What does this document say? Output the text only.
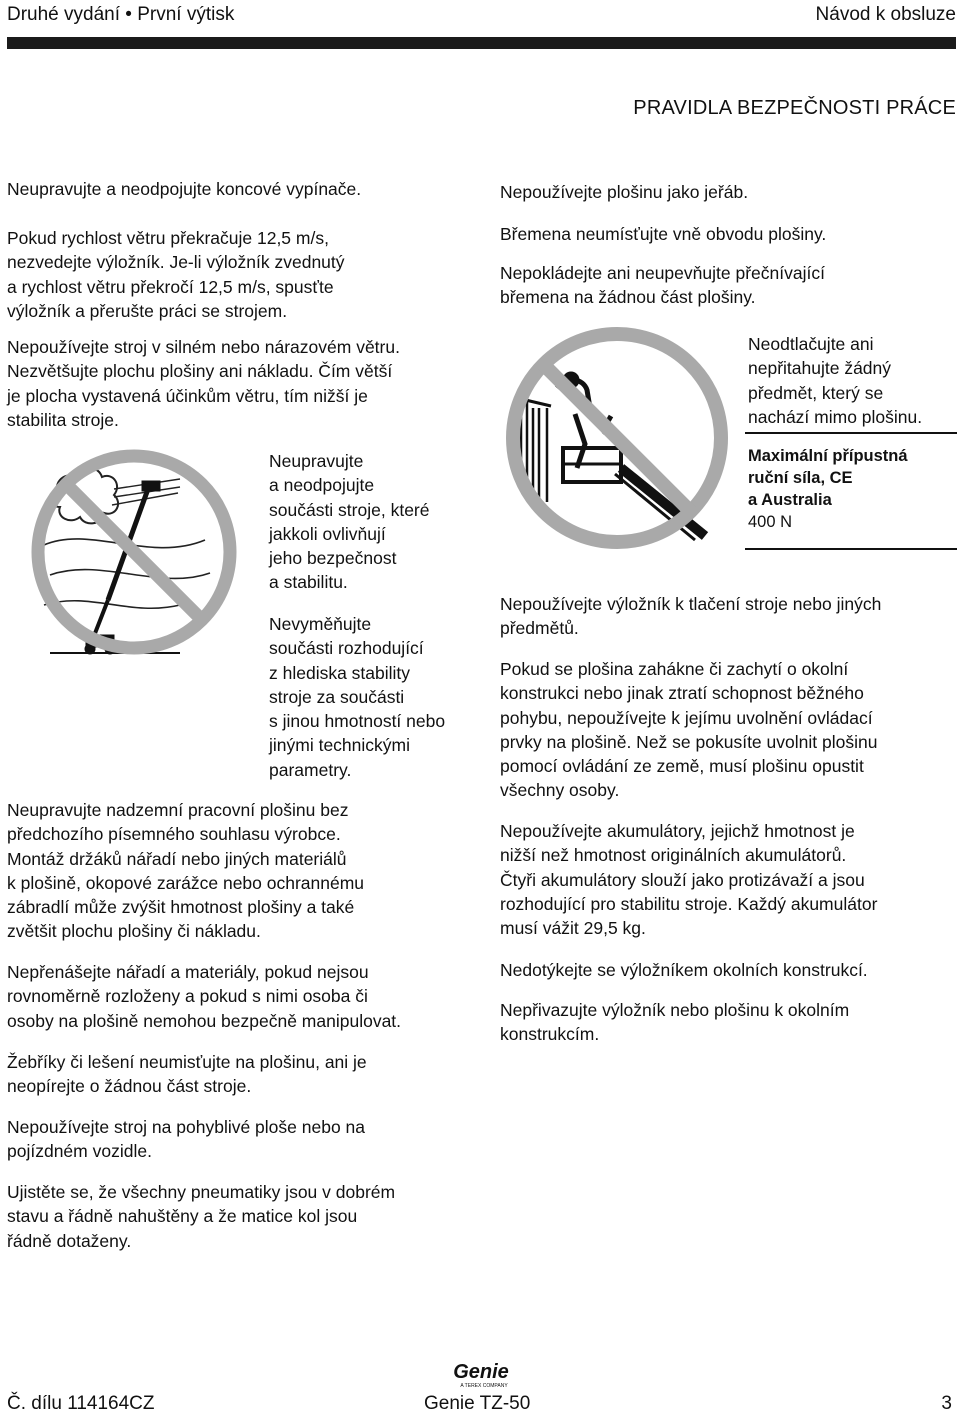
Druhé vydání • První výtisk	Návod k obsluze
PRAVIDLA BEZPEČNOSTI PRÁCE
Neupravujte a neodpojujte koncové vypínače.
Pokud rychlost větru překračuje 12,5 m/s,
nezvedejte výložník. Je-li výložník zvednutý
a rychlost větru překročí 12,5 m/s, spusťte
výložník a přerušte práci se strojem.
Nepoužívejte stroj v silném nebo nárazovém větru.
Nezvětšujte plochu plošiny ani nákladu. Čím větší
je plocha vystavená účinkům větru, tím nižší je
stabilita stroje.
Neupravujte
a neodpojujte
součásti stroje, které
jakkoli ovlivňují
jeho bezpečnost
a stabilitu.
Nevyměňujte
součásti rozhodující
z hlediska stability
stroje za součásti
s jinou hmotností nebo
jinými technickými
parametry.
Neupravujte nadzemní pracovní plošinu bez
předchozího písemného souhlasu výrobce.
Montáž držáků nářadí nebo jiných materiálů
k plošině, okopové zarážce nebo ochrannému
zábradlí může zvýšit hmotnost plošiny a také
zvětšit plochu plošiny či nákladu.
Nepřenášejte nářadí a materiály, pokud nejsou
rovnoměrně rozloženy a pokud s nimi osoba či
osoby na plošině nemohou bezpečně manipulovat.
Žebříky či lešení neumisťujte na plošinu, ani je
neopírejte o žádnou část stroje.
Nepoužívejte stroj na pohyblivé ploše nebo na
pojízdném vozidle.
Ujistěte se, že všechny pneumatiky jsou v dobrém
stavu a řádně nahuštěny a že matice kol jsou
řádně dotaženy.
Nepoužívejte plošinu jako jeřáb.
Břemena neumísťujte vně obvodu plošiny.
Nepokládejte ani neupevňujte přečnívající
břemena na žádnou část plošiny.
Neodtlačujte ani
nepřitahujte žádný
předmět, který se
nachází mimo plošinu.
Maximální přípustná
ruční síla, CE
a Australia
400 N
Nepoužívejte výložník k tlačení stroje nebo jiných
předmětů.
Pokud se plošina zahákne či zachytí o okolní
konstrukci nebo jinak ztratí schopnost běžného
pohybu, nepoužívejte k jejímu uvolnění ovládací
prvky na plošině. Než se pokusíte uvolnit plošinu
pomocí ovládání ze země, musí plošinu opustit
všechny osoby.
Nepoužívejte akumulátory, jejichž hmotnost je
nižší než hmotnost originálních akumulátorů.
Čtyři akumulátory slouží jako protizávaží a jsou
rozhodující pro stabilitu stroje. Každý akumulátor
musí vážit 29,5 kg.
Nedotýkejte se výložníkem okolních konstrukcí.
Nepřivazujte výložník nebo plošinu k okolním
konstrukcím.
Genie
A TEREX COMPANY
Č. dílu 114164CZ	Genie TZ-50	3
